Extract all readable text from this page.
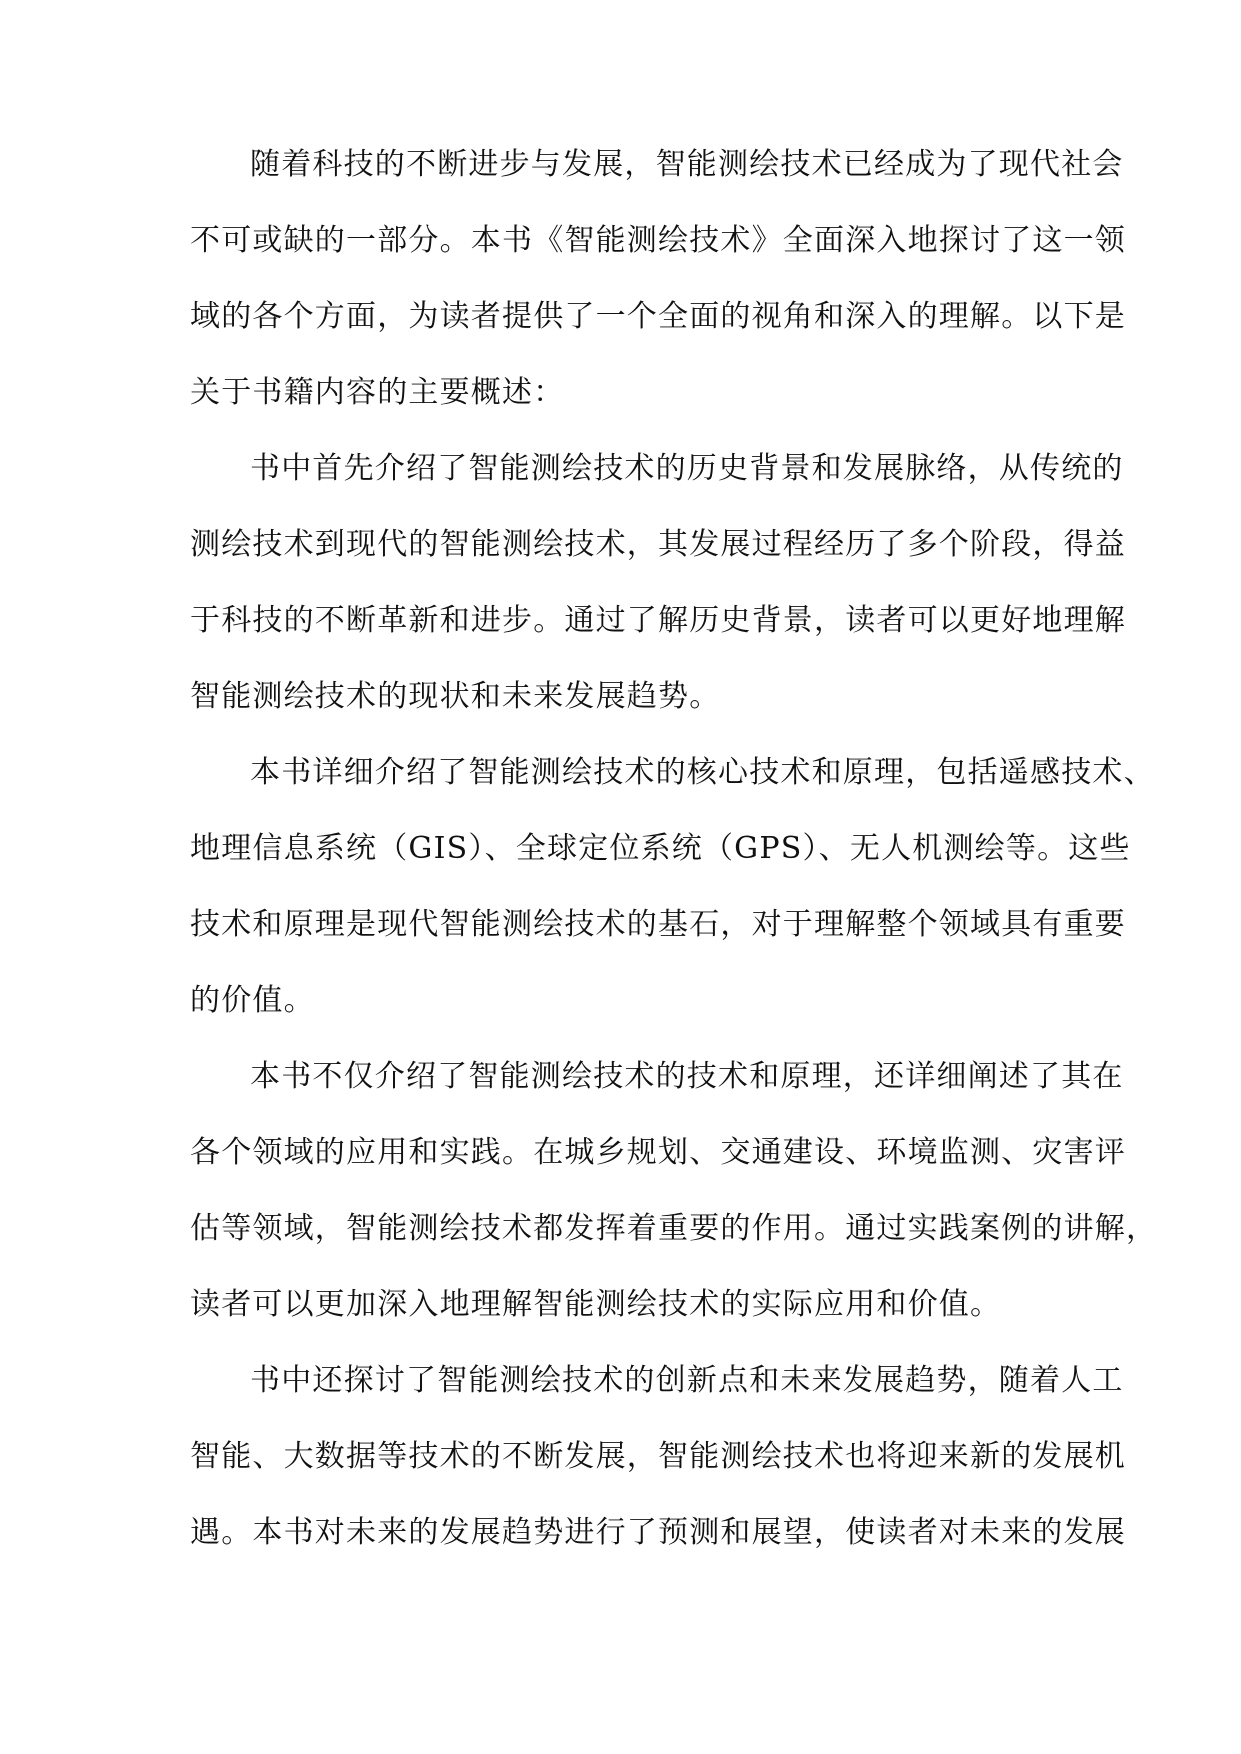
随着科技的不断进步与发展，智能测绘技术已经成为了现代社会
不可或缺的一部分。本书《智能测绘技术》全面深入地探讨了这一领
域的各个方面，为读者提供了一个全面的视角和深入的理解。以下是
关于书籍内容的主要概述：
书中首先介绍了智能测绘技术的历史背景和发展脉络，从传统的
测绘技术到现代的智能测绘技术，其发展过程经历了多个阶段，得益
于科技的不断革新和进步。通过了解历史背景，读者可以更好地理解
智能测绘技术的现状和未来发展趋势。
本书详细介绍了智能测绘技术的核心技术和原理，包括遥感技术、
地理信息系统（GIS）、全球定位系统（GPS）、无人机测绘等。这些
技术和原理是现代智能测绘技术的基石，对于理解整个领域具有重要
的价值。
本书不仅介绍了智能测绘技术的技术和原理，还详细阐述了其在
各个领域的应用和实践。在城乡规划、交通建设、环境监测、灾害评
估等领域，智能测绘技术都发挥着重要的作用。通过实践案例的讲解，
读者可以更加深入地理解智能测绘技术的实际应用和价值。
书中还探讨了智能测绘技术的创新点和未来发展趋势，随着人工
智能、大数据等技术的不断发展，智能测绘技术也将迎来新的发展机
遇。本书对未来的发展趋势进行了预测和展望，使读者对未来的发展
